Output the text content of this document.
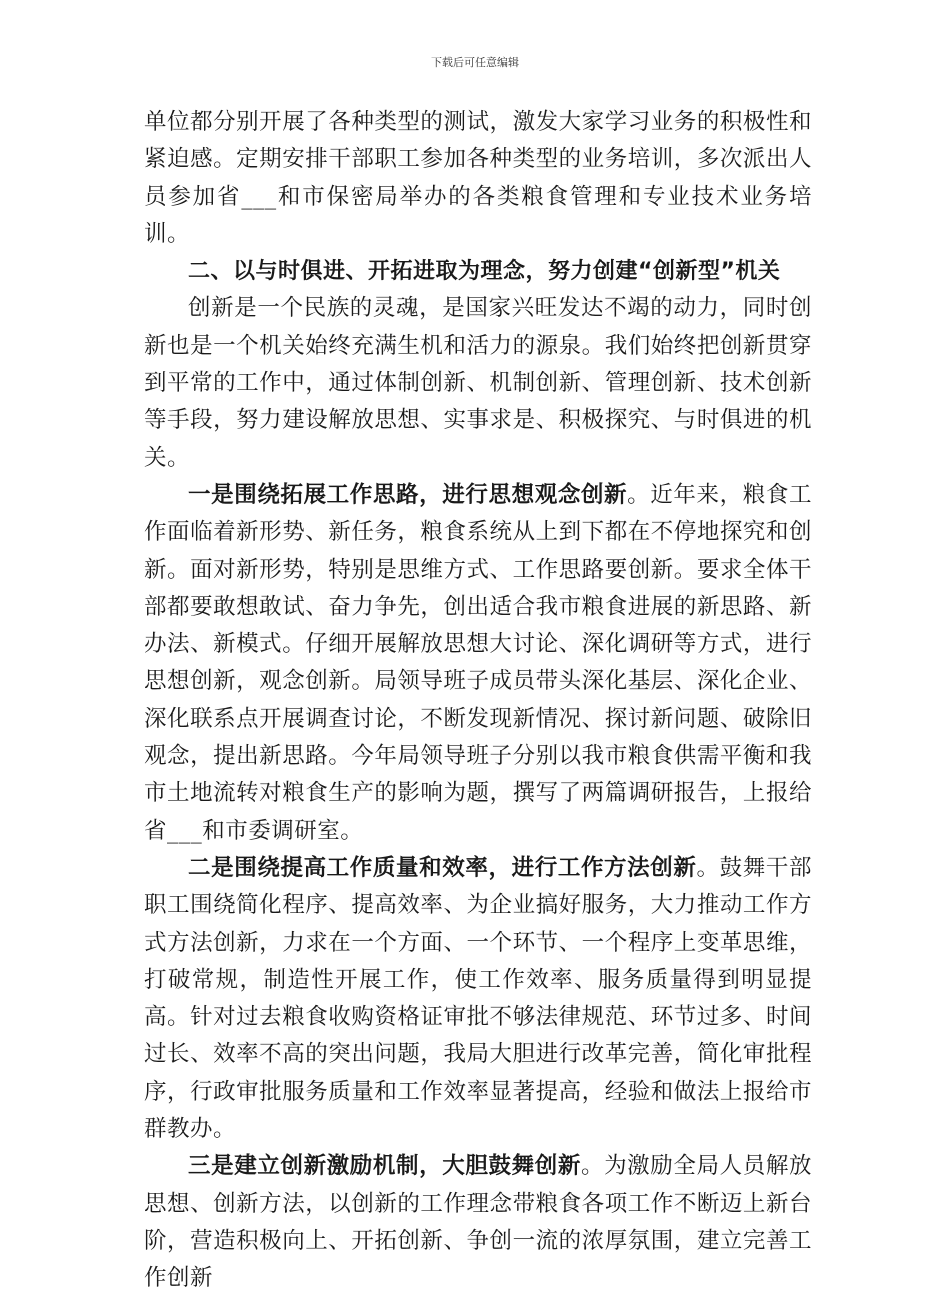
下载后可任意编辑

单位都分别开展了各种类型的测试，激发大家学习业务的积极性和紧迫感。定期安排干部职工参加各种类型的业务培训，多次派出人员参加省___和市保密局举办的各类粮食管理和专业技术业务培训。

二、以与时俱进、开拓进取为理念，努力创建“创新型”机关

创新是一个民族的灵魂，是国家兴旺发达不竭的动力，同时创新也是一个机关始终充满生机和活力的源泉。我们始终把创新贯穿到平常的工作中，通过体制创新、机制创新、管理创新、技术创新等手段，努力建设解放思想、实事求是、积极探究、与时俱进的机关。

一是围绕拓展工作思路，进行思想观念创新。近年来，粮食工作面临着新形势、新任务，粮食系统从上到下都在不停地探究和创新。面对新形势，特别是思维方式、工作思路要创新。要求全体干部都要敢想敢试、奋力争先，创出适合我市粮食进展的新思路、新办法、新模式。仔细开展解放思想大讨论、深化调研等方式，进行思想创新，观念创新。局领导班子成员带头深化基层、深化企业、深化联系点开展调查讨论，不断发现新情况、探讨新问题、破除旧观念，提出新思路。今年局领导班子分别以我市粮食供需平衡和我市土地流转对粮食生产的影响为题，撰写了两篇调研报告，上报给省___和市委调研室。

二是围绕提高工作质量和效率，进行工作方法创新。鼓舞干部职工围绕简化程序、提高效率、为企业搞好服务，大力推动工作方式方法创新，力求在一个方面、一个环节、一个程序上变革思维，打破常规，制造性开展工作，使工作效率、服务质量得到明显提高。针对过去粮食收购资格证审批不够法律规范、环节过多、时间过长、效率不高的突出问题，我局大胆进行改革完善，简化审批程序，行政审批服务质量和工作效率显著提高，经验和做法上报给市群教办。

三是建立创新激励机制，大胆鼓舞创新。为激励全局人员解放思想、创新方法，以创新的工作理念带粮食各项工作不断迈上新台阶，营造积极向上、开拓创新、争创一流的浓厚氛围，建立完善工作创新
